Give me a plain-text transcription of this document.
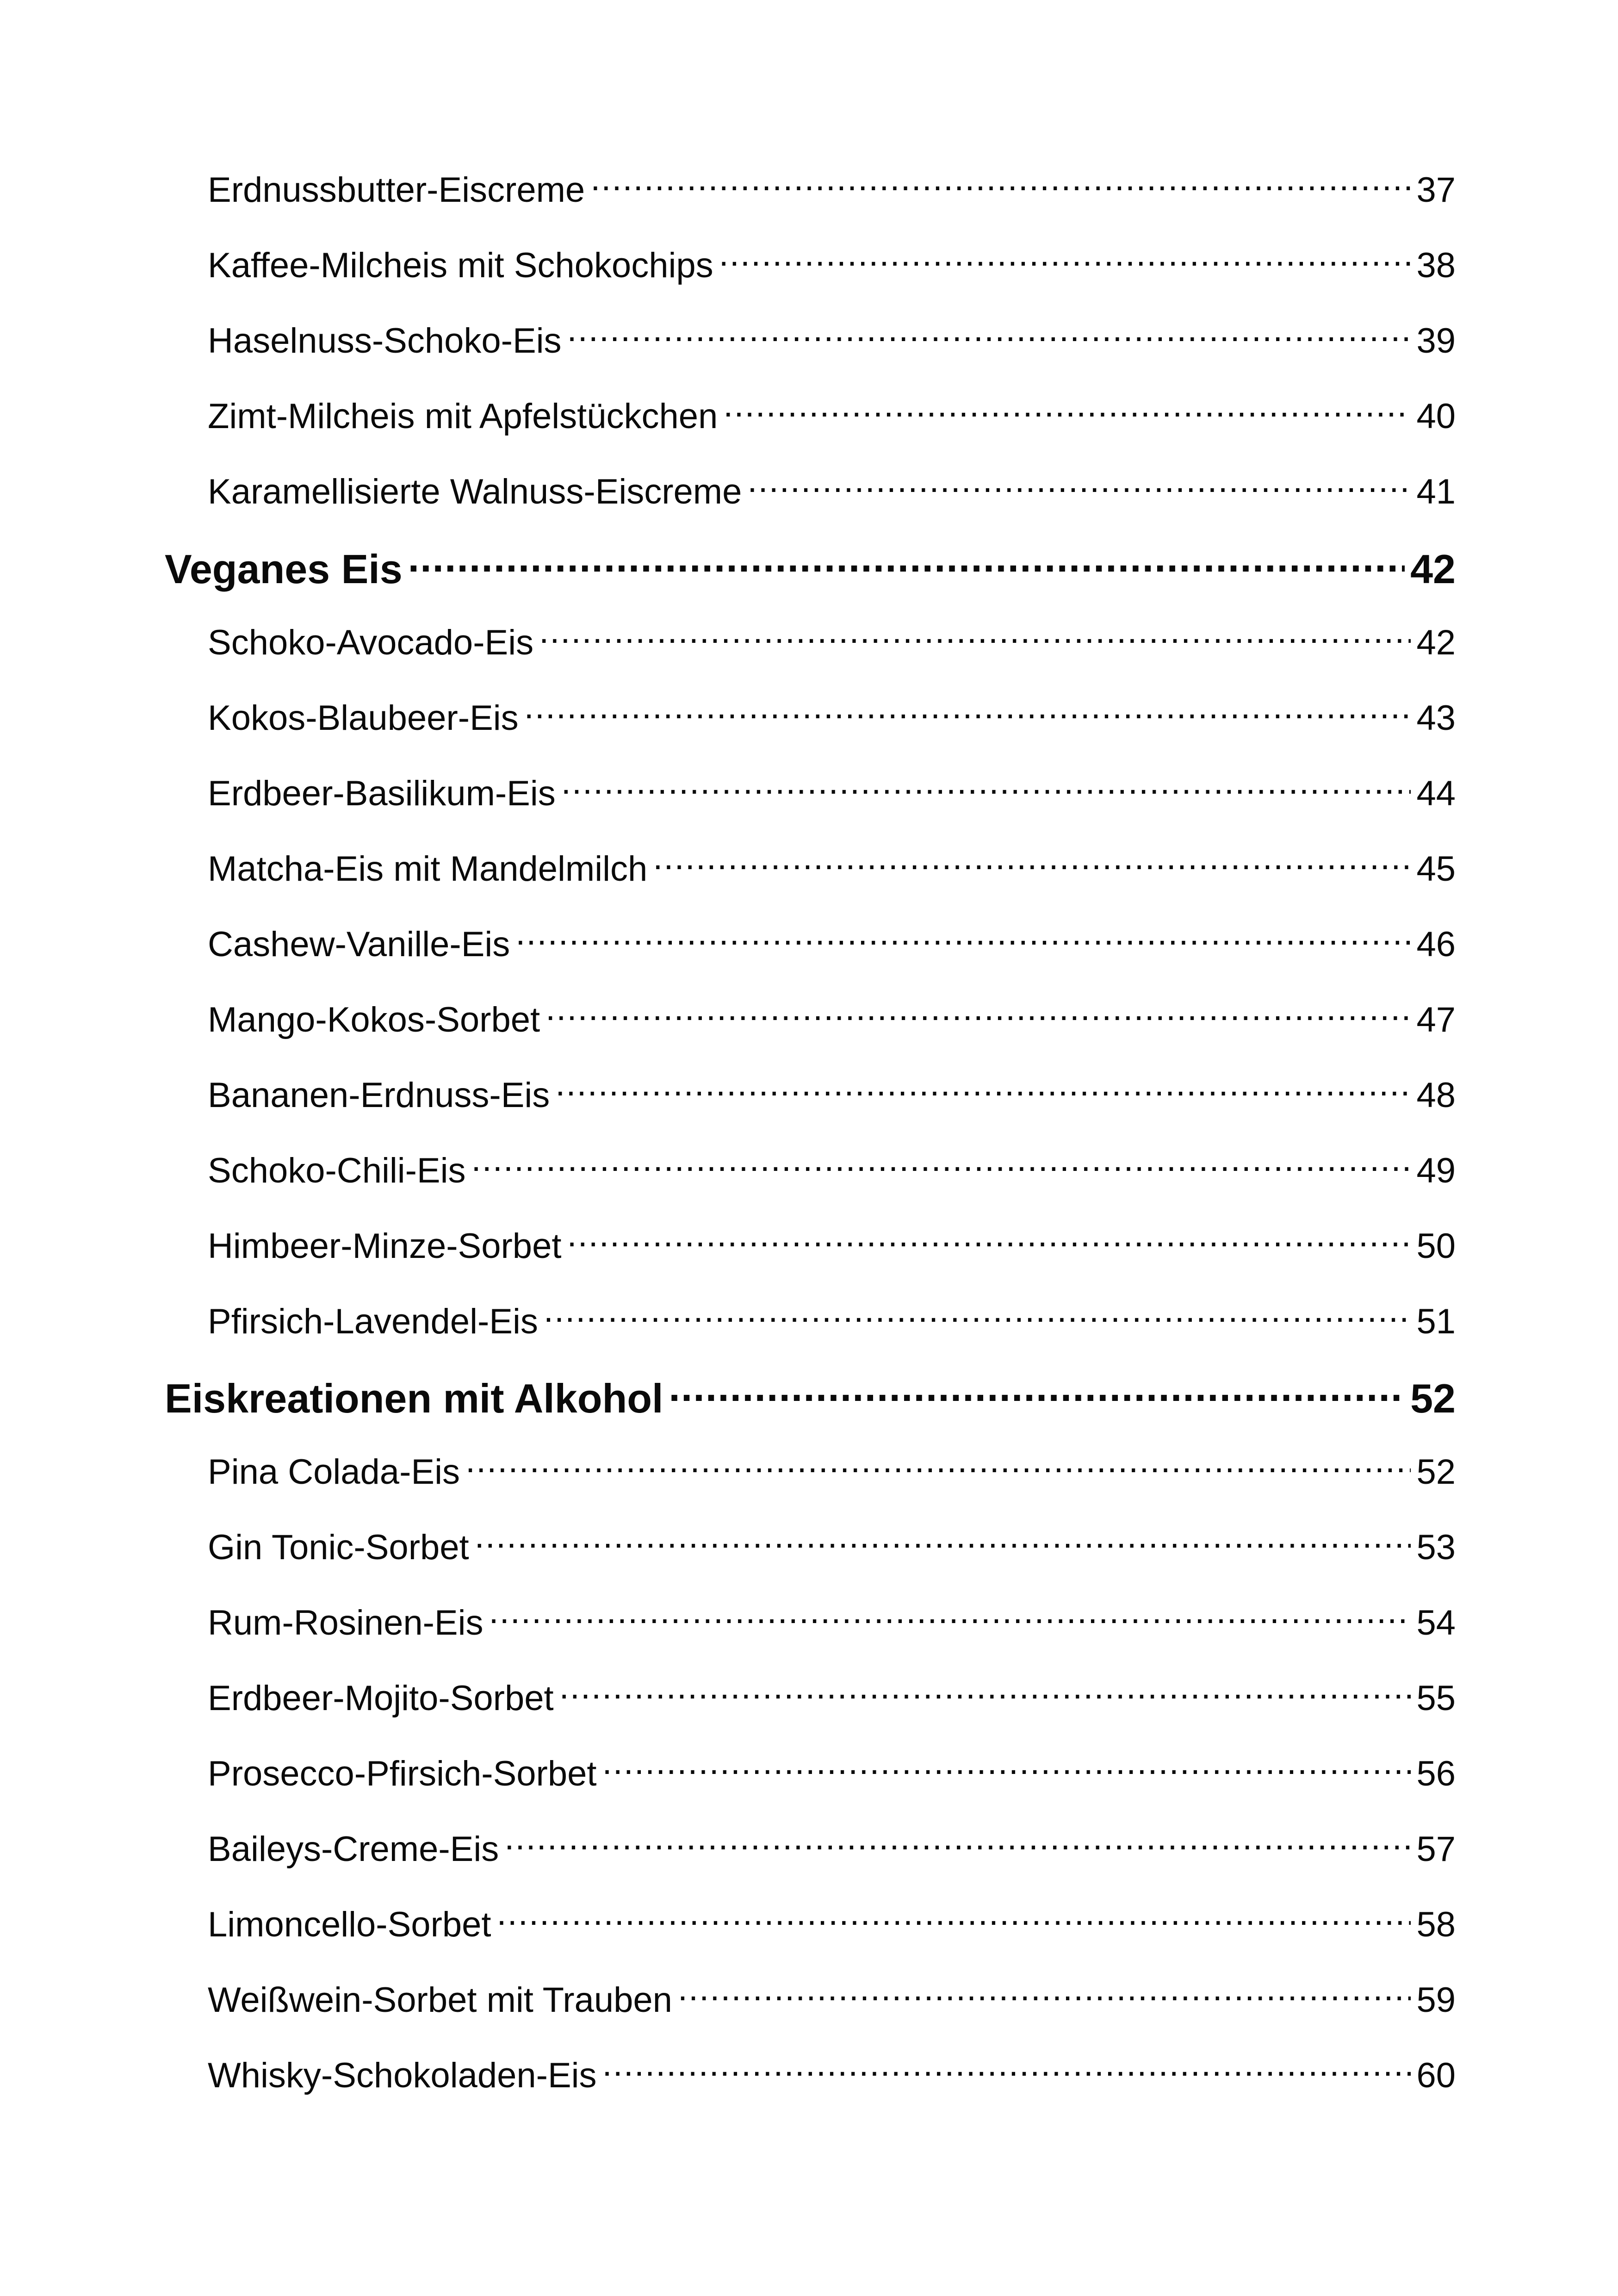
Erdnussbutter-Eiscreme .....	37
Kaffee-Milcheis mit Schokochips .....	38
Haselnuss-Schoko-Eis .....	39
Zimt-Milcheis mit Apfelstückchen .....	40
Karamellisierte Walnuss-Eiscreme .....	41
Veganes Eis .....	42
Schoko-Avocado-Eis .....	42
Kokos-Blaubeer-Eis .....	43
Erdbeer-Basilikum-Eis .....	44
Matcha-Eis mit Mandelmilch .....	45
Cashew-Vanille-Eis .....	46
Mango-Kokos-Sorbet .....	47
Bananen-Erdnuss-Eis .....	48
Schoko-Chili-Eis .....	49
Himbeer-Minze-Sorbet .....	50
Pfirsich-Lavendel-Eis .....	51
Eiskreationen mit Alkohol .....	52
Pina Colada-Eis .....	52
Gin Tonic-Sorbet .....	53
Rum-Rosinen-Eis .....	54
Erdbeer-Mojito-Sorbet .....	55
Prosecco-Pfirsich-Sorbet .....	56
Baileys-Creme-Eis .....	57
Limoncello-Sorbet .....	58
Weißwein-Sorbet mit Trauben .....	59
Whisky-Schokoladen-Eis .....	60
